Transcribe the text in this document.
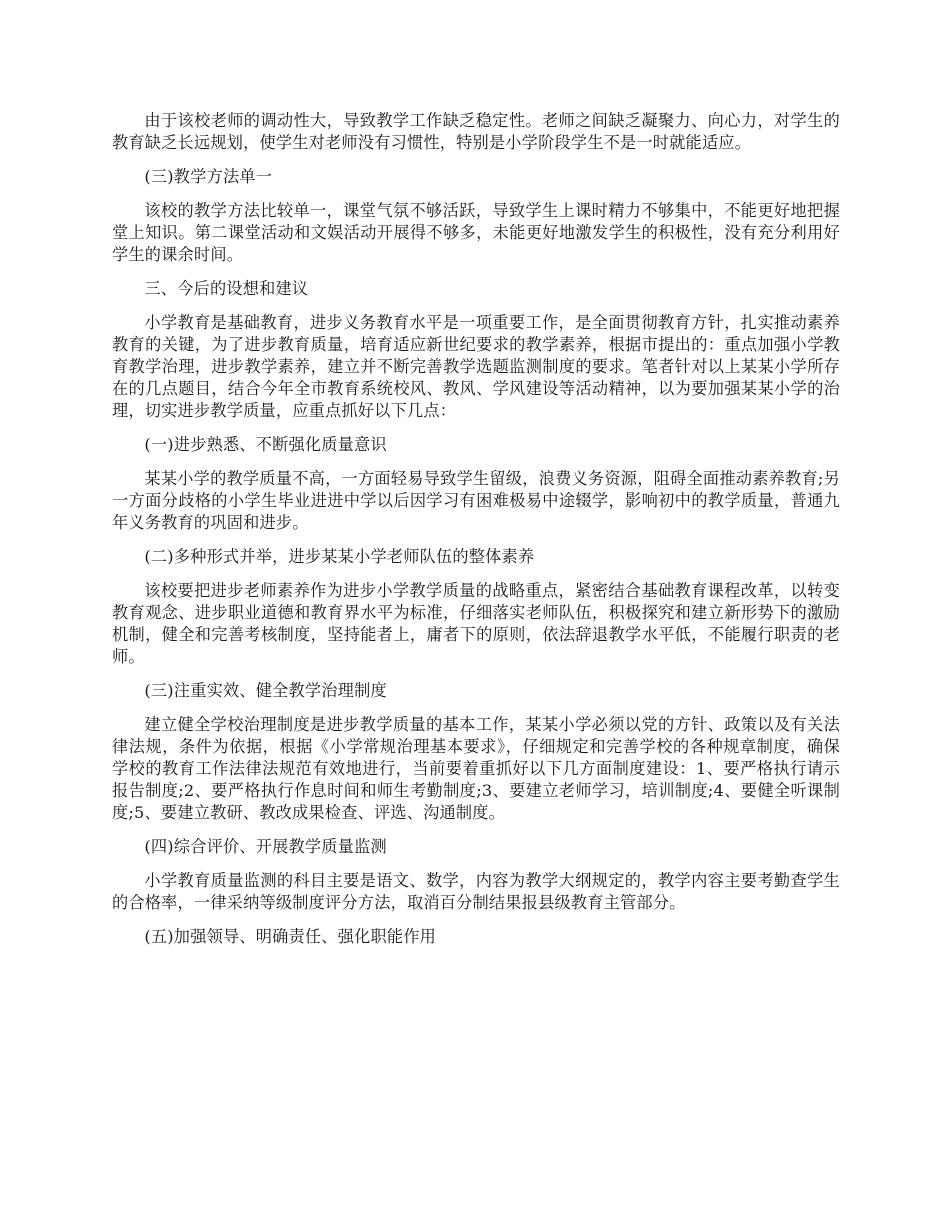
由于该校老师的调动性大，导致教学工作缺乏稳定性。老师之间缺乏凝聚力、向心力，对学生的教育缺乏长远规划，使学生对老师没有习惯性，特别是小学阶段学生不是一时就能适应。

(三)教学方法单一

该校的教学方法比较单一，课堂气氛不够活跃，导致学生上课时精力不够集中，不能更好地把握堂上知识。第二课堂活动和文娱活动开展得不够多，未能更好地激发学生的积极性，没有充分利用好学生的课余时间。

三、今后的设想和建议

小学教育是基础教育，进步义务教育水平是一项重要工作，是全面贯彻教育方针，扎实推动素养教育的关键，为了进步教育质量，培育适应新世纪要求的教学素养，根据市提出的：重点加强小学教育教学治理，进步教学素养，建立并不断完善教学选题监测制度的要求。笔者针对以上某某小学所存在的几点题目，结合今年全市教育系统校风、教风、学风建设等活动精神，以为要加强某某小学的治理，切实进步教学质量，应重点抓好以下几点：

(一)进步熟悉、不断强化质量意识

某某小学的教学质量不高，一方面轻易导致学生留级，浪费义务资源，阻碍全面推动素养教育;另一方面分歧格的小学生毕业进进中学以后因学习有困难极易中途辍学，影响初中的教学质量，普通九年义务教育的巩固和进步。

(二)多种形式并举，进步某某小学老师队伍的整体素养

该校要把进步老师素养作为进步小学教学质量的战略重点，紧密结合基础教育课程改革，以转变教育观念、进步职业道德和教育界水平为标准，仔细落实老师队伍，积极探究和建立新形势下的激励机制，健全和完善考核制度，坚持能者上，庸者下的原则，依法辞退教学水平低，不能履行职责的老师。

(三)注重实效、健全教学治理制度

建立健全学校治理制度是进步教学质量的基本工作，某某小学必须以党的方针、政策以及有关法律法规，条件为依据，根据《小学常规治理基本要求》，仔细规定和完善学校的各种规章制度，确保学校的教育工作法律法规范有效地进行，当前要着重抓好以下几方面制度建设：1、要严格执行请示报告制度;2、要严格执行作息时间和师生考勤制度;3、要建立老师学习，培训制度;4、要健全听课制度;5、要建立教研、教改成果检查、评选、沟通制度。

(四)综合评价、开展教学质量监测

小学教育质量监测的科目主要是语文、数学，内容为教学大纲规定的，教学内容主要考勤查学生的合格率，一律采纳等级制度评分方法，取消百分制结果报县级教育主管部分。

(五)加强领导、明确责任、强化职能作用
